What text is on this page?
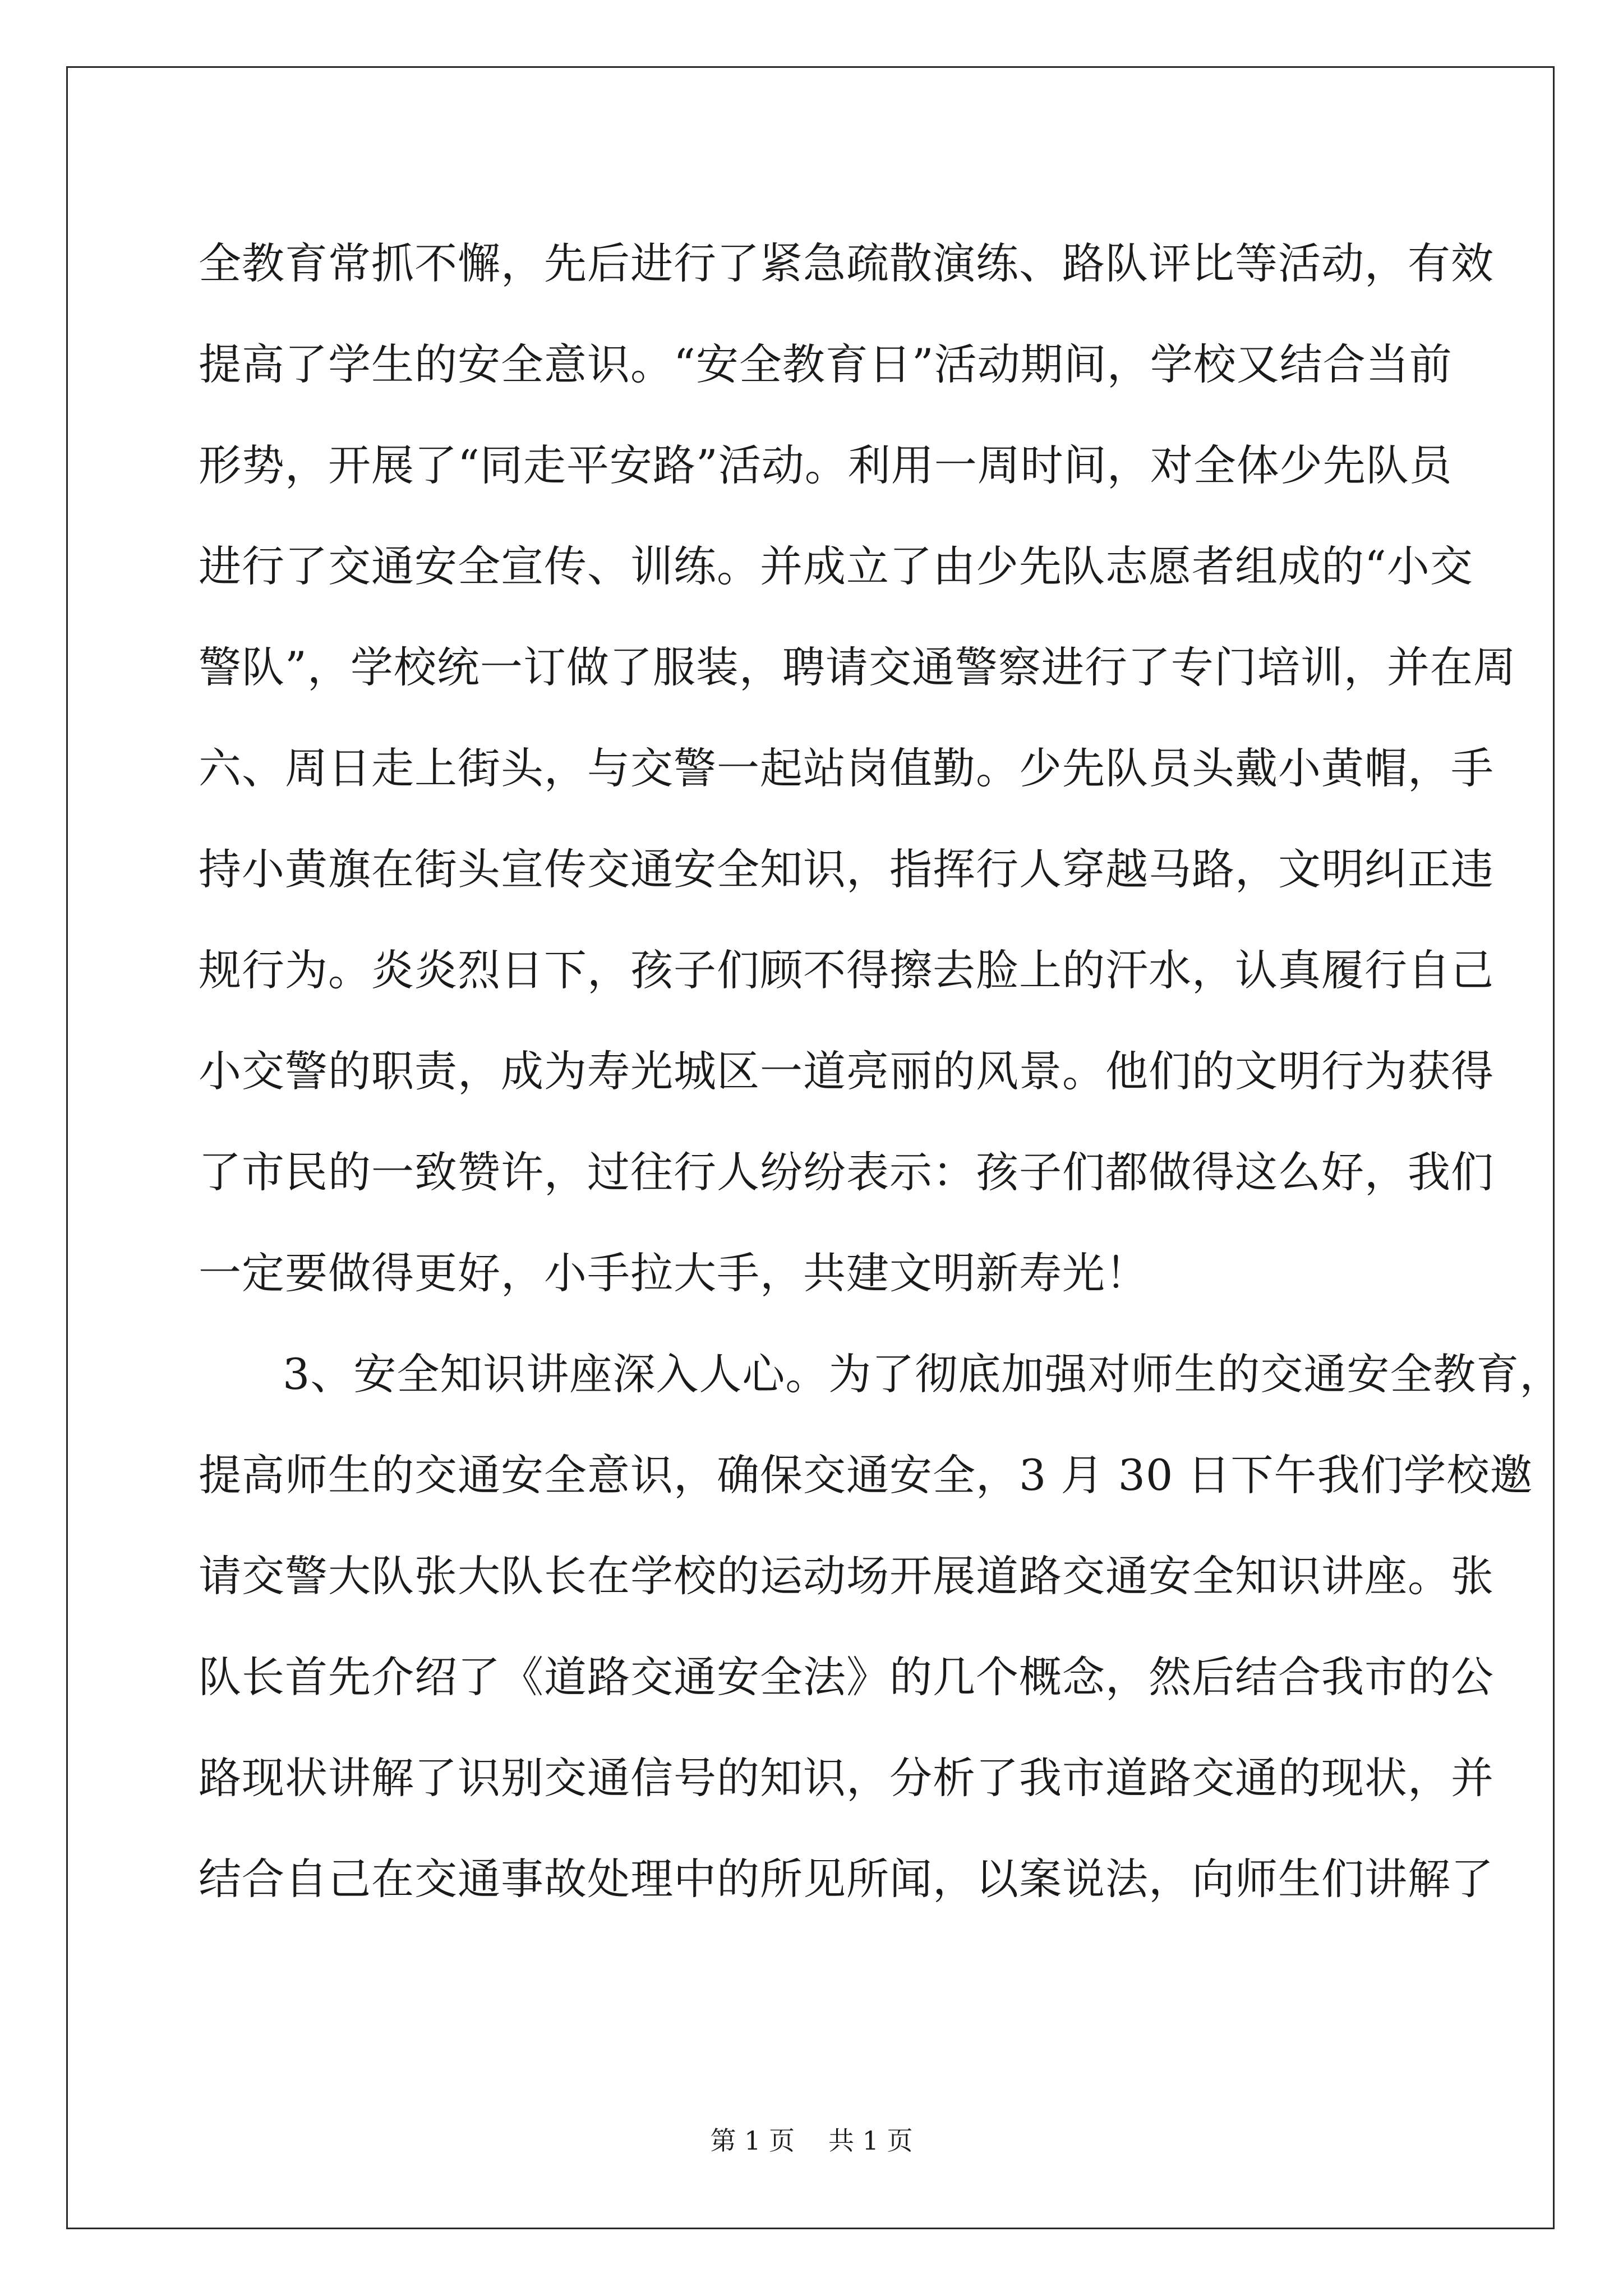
全教育常抓不懈，先后进行了紧急疏散演练、路队评比等活动，有效
提高了学生的安全意识。“安全教育日”活动期间，学校又结合当前
形势，开展了“同走平安路”活动。利用一周时间，对全体少先队员
进行了交通安全宣传、训练。并成立了由少先队志愿者组成的“小交
警队”，学校统一订做了服装，聘请交通警察进行了专门培训，并在周
六、周日走上街头，与交警一起站岗值勤。少先队员头戴小黄帽，手
持小黄旗在街头宣传交通安全知识，指挥行人穿越马路，文明纠正违
规行为。炎炎烈日下，孩子们顾不得擦去脸上的汗水，认真履行自己
小交警的职责，成为寿光城区一道亮丽的风景。他们的文明行为获得
了市民的一致赞许，过往行人纷纷表示：孩子们都做得这么好，我们
一定要做得更好，小手拉大手，共建文明新寿光！
3、安全知识讲座深入人心。为了彻底加强对师生的交通安全教育，
提高师生的交通安全意识，确保交通安全，3 月 30 日下午我们学校邀
请交警大队张大队长在学校的运动场开展道路交通安全知识讲座。张
队长首先介绍了《道路交通安全法》的几个概念，然后结合我市的公
路现状讲解了识别交通信号的知识，分析了我市道路交通的现状，并
结合自己在交通事故处理中的所见所闻，以案说法，向师生们讲解了
第 1 页 共 1 页
